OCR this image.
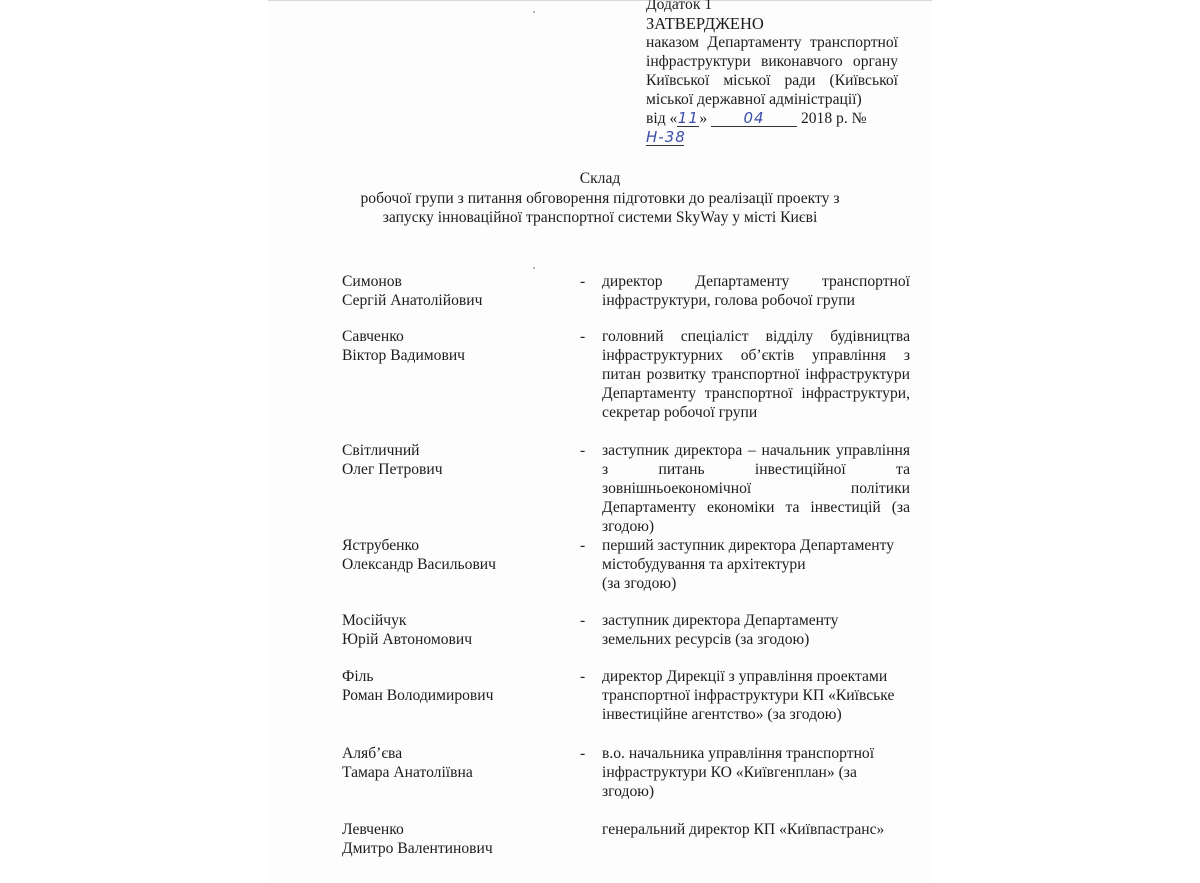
Додаток 1
ЗАТВЕРДЖЕНО
наказом Департаменту транспортної інфраструктури виконавчого органу Київської міської ради (Київської міської державної адміністрації)
від «11» 04 2018 р. № Н-38
Склад
робочої групи з питання обговорення підготовки до реалізації проекту з
запуску інноваційної транспортної системи SkyWay у місті Києві
Симонов
Сергій Анатолійович
- директор Департаменту транспортної інфраструктури, голова робочої групи
Савченко
Віктор Вадимович
- головний спеціаліст відділу будівництва інфраструктурних об’єктів управління з питан розвитку транспортної інфраструктури Департаменту транспортної інфраструктури, секретар робочої групи
Світличний
Олег Петрович
- заступник директора – начальник управління з питань інвестиційної та зовнішньоекономічної політики Департаменту економіки та інвестицій (за згодою)
Яструбенко
Олександр Васильович
- перший заступник директора Департаменту
містобудування та архітектури
(за згодою)
Мосійчук
Юрій Автономович
- заступник директора Департаменту
земельних ресурсів (за згодою)
Філь
Роман Володимирович
- директор Дирекції з управління проектами
транспортної інфраструктури КП «Київське
інвестиційне агентство» (за згодою)
Аляб’єва
Тамара Анатоліївна
- в.о. начальника управління транспортної
інфраструктури КО «Київгенплан» (за
згодою)
Левченко
Дмитро Валентинович
генеральний директор КП «Київпастранс»
